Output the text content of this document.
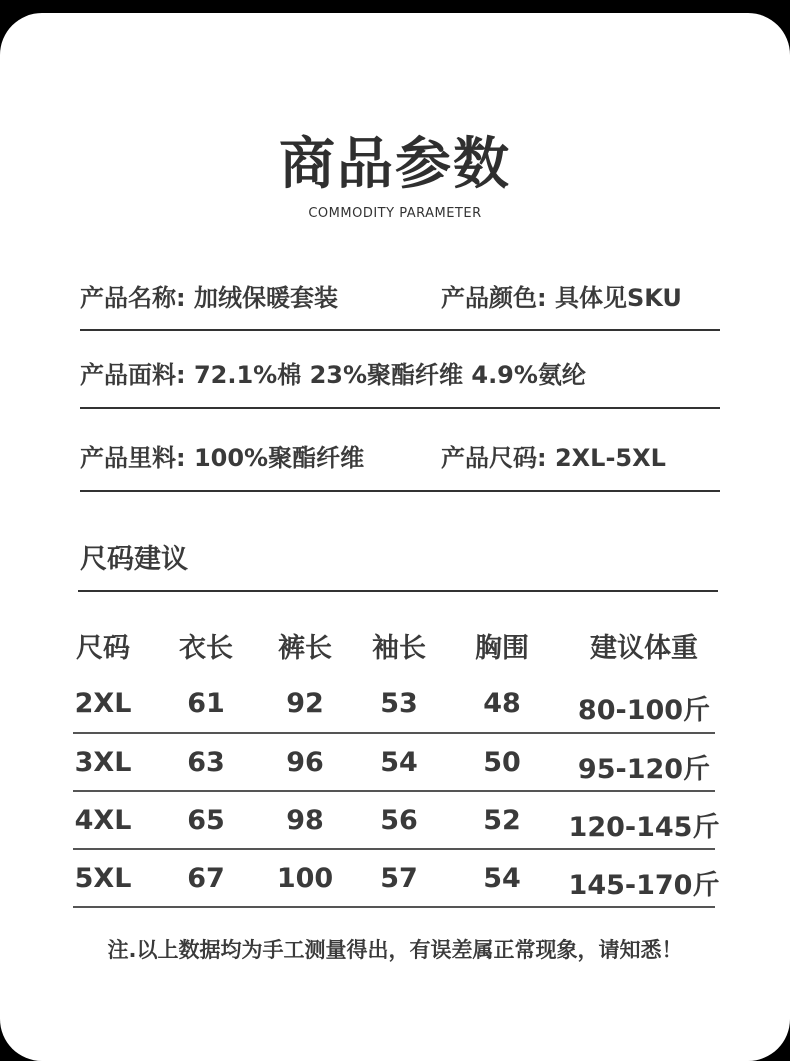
商品参数
COMMODITY PARAMETER
产品名称: 加绒保暖套装	产品颜色: 具体见SKU
产品面料: 72.1%棉 23%聚酯纤维 4.9%氨纶
产品里料: 100%聚酯纤维	产品尺码: 2XL-5XL
尺码建议
尺码	衣长	裤长	袖长	胸围	建议体重
2XL	61	92	53	48	80-100斤
3XL	63	96	54	50	95-120斤
4XL	65	98	56	52	120-145斤
5XL	67	100	57	54	145-170斤
注.以上数据均为手工测量得出，有误差属正常现象，请知悉！
